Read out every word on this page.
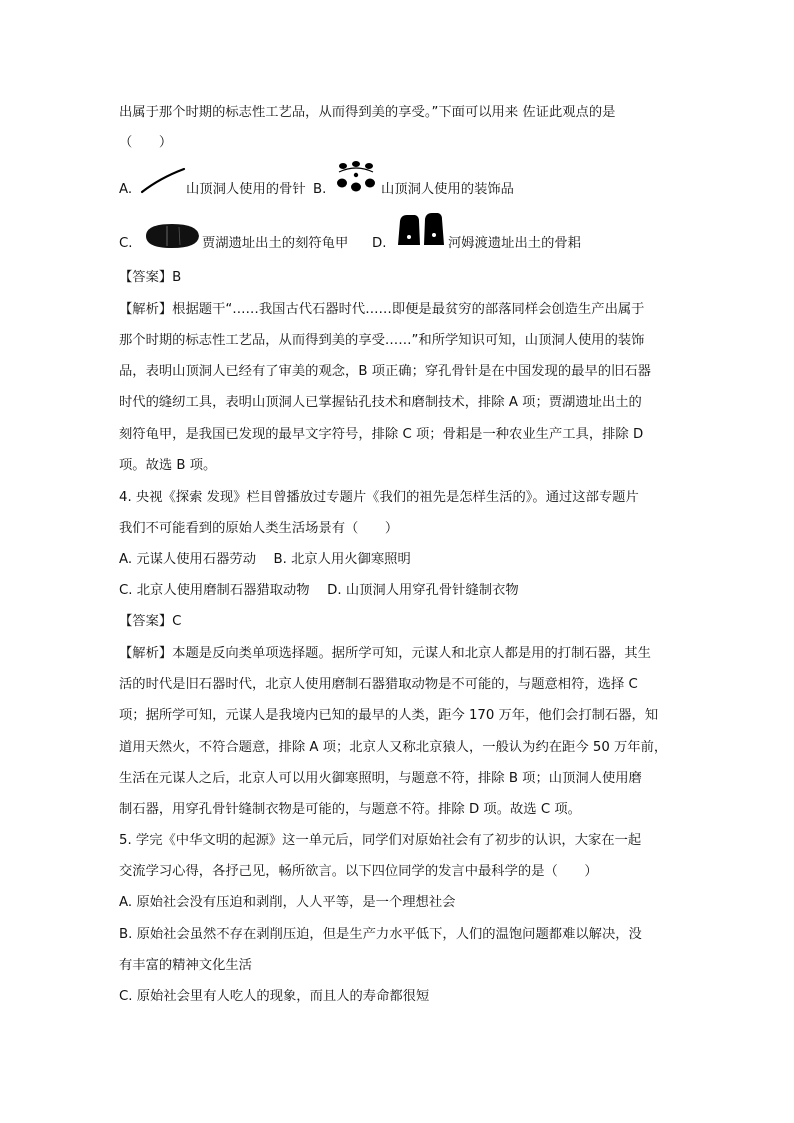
出属于那个时期的标志性工艺品，从而得到美的享受。”下面可以用来 佐证此观点的是
（　　）
A.	山顶洞人使用的骨针 B.	山顶洞人使用的装饰品
C.	贾湖遗址出土的刻符龟甲 D.	河姆渡遗址出土的骨耜
【答案】B
【解析】根据题干“……我国古代石器时代……即便是最贫穷的部落同样会创造生产出属于
那个时期的标志性工艺品，从而得到美的享受……”和所学知识可知，山顶洞人使用的装饰
品，表明山顶洞人已经有了审美的观念，B 项正确；穿孔骨针是在中国发现的最早的旧石器
时代的缝纫工具，表明山顶洞人已掌握钻孔技术和磨制技术，排除 A 项；贾湖遗址出土的
刻符龟甲，是我国已发现的最早文字符号，排除 C 项；骨耜是一种农业生产工具，排除 D
项。故选 B 项。
4. 央视《探索 发现》栏目曾播放过专题片《我们的祖先是怎样生活的》。通过这部专题片
我们不可能看到的原始人类生活场景有（　　）
A. 元谋人使用石器劳动　 B. 北京人用火御寒照明
C. 北京人使用磨制石器猎取动物　 D. 山顶洞人用穿孔骨针缝制衣物
【答案】C
【解析】本题是反向类单项选择题。据所学可知，元谋人和北京人都是用的打制石器，其生
活的时代是旧石器时代，北京人使用磨制石器猎取动物是不可能的，与题意相符，选择 C
项；据所学可知，元谋人是我境内已知的最早的人类，距今 170 万年，他们会打制石器，知
道用天然火，不符合题意，排除 A 项；北京人又称北京猿人，一般认为约在距今 50 万年前，
生活在元谋人之后，北京人可以用火御寒照明，与题意不符，排除 B 项；山顶洞人使用磨
制石器，用穿孔骨针缝制衣物是可能的，与题意不符。排除 D 项。故选 C 项。
5. 学完《中华文明的起源》这一单元后，同学们对原始社会有了初步的认识，大家在一起
交流学习心得，各抒己见，畅所欲言。以下四位同学的发言中最科学的是（　　）
A. 原始社会没有压迫和剥削，人人平等，是一个理想社会
B. 原始社会虽然不存在剥削压迫，但是生产力水平低下，人们的温饱问题都难以解决，没
有丰富的精神文化生活
C. 原始社会里有人吃人的现象，而且人的寿命都很短
